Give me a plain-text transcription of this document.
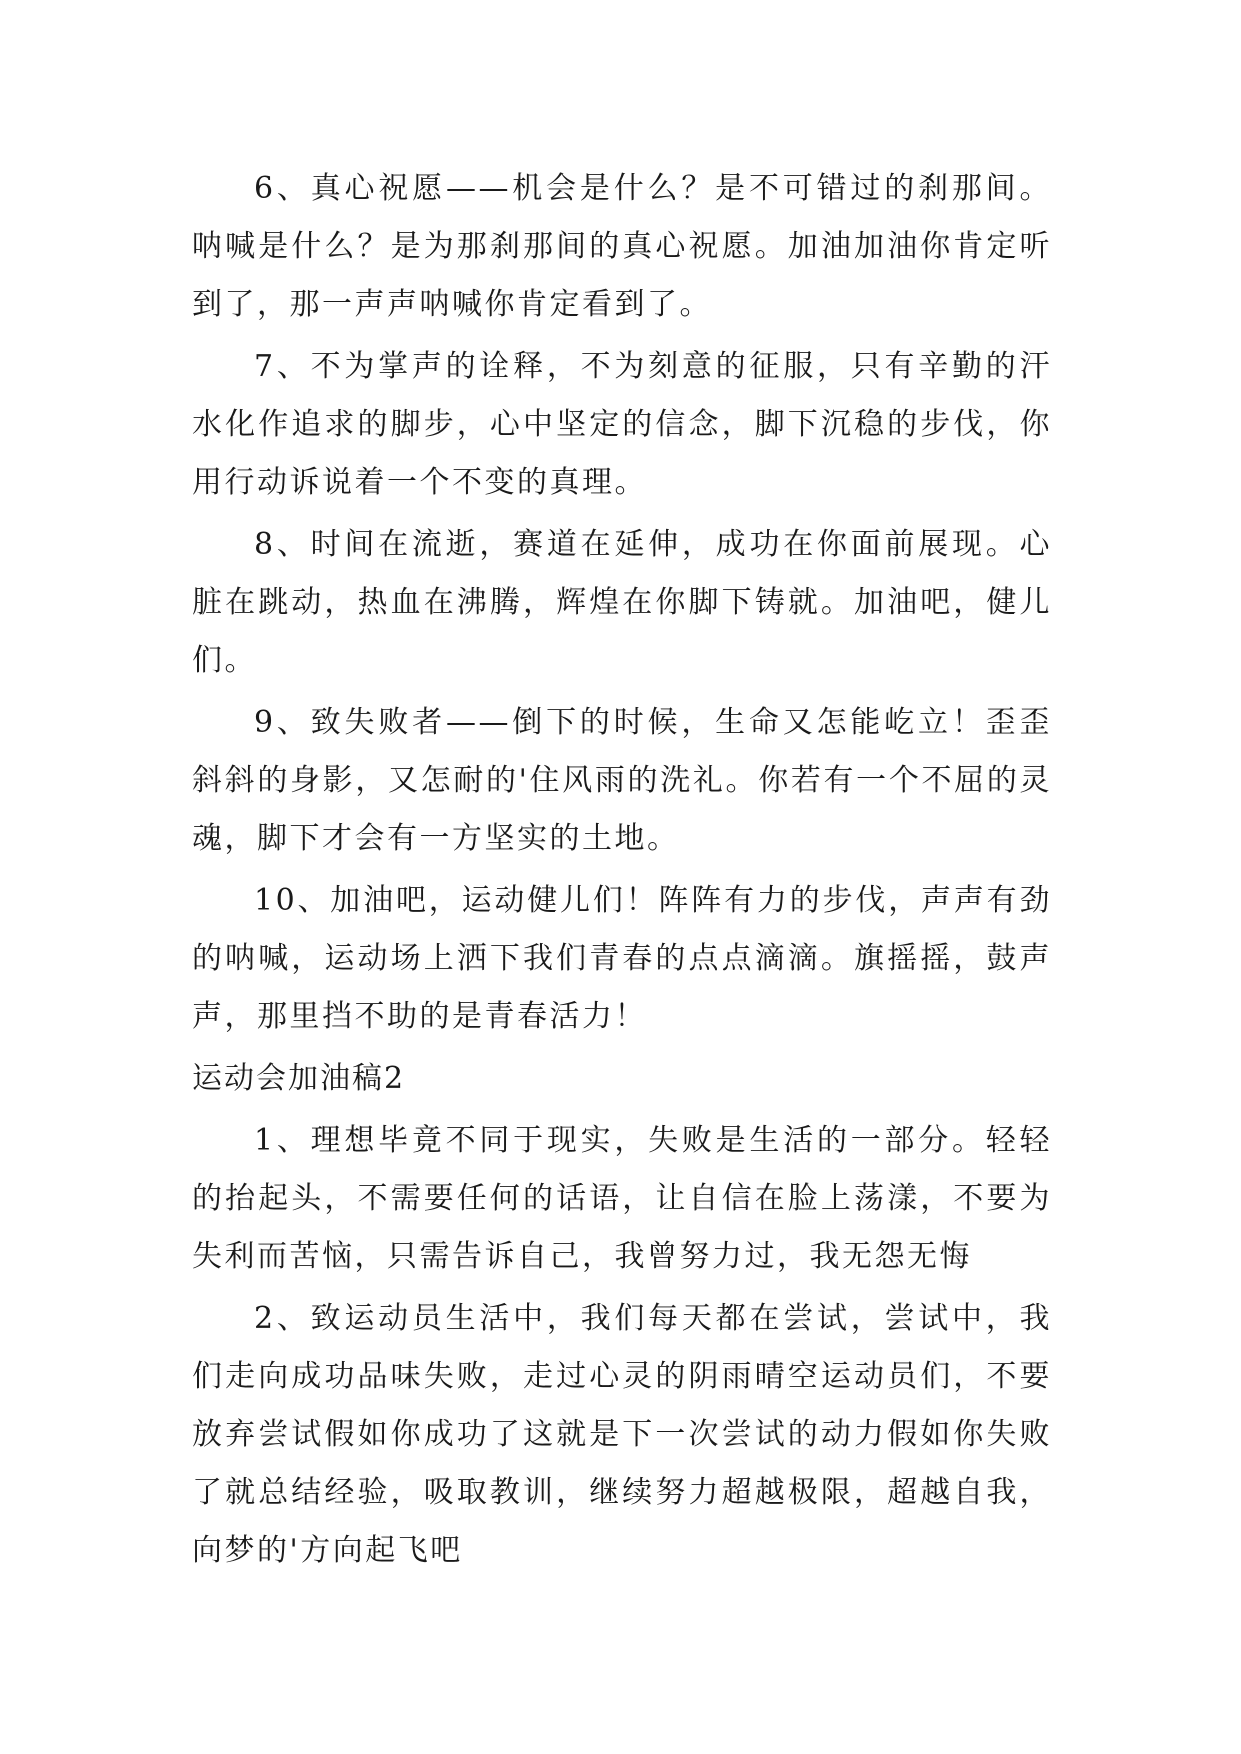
6、真心祝愿——机会是什么？是不可错过的刹那间。呐喊是什么？是为那刹那间的真心祝愿。加油加油你肯定听到了，那一声声呐喊你肯定看到了。

7、不为掌声的诠释，不为刻意的征服，只有辛勤的汗水化作追求的脚步，心中坚定的信念，脚下沉稳的步伐，你用行动诉说着一个不变的真理。

8、时间在流逝，赛道在延伸，成功在你面前展现。心脏在跳动，热血在沸腾，辉煌在你脚下铸就。加油吧，健儿们。

9、致失败者——倒下的时候，生命又怎能屹立！歪歪斜斜的身影，又怎耐的'住风雨的洗礼。你若有一个不屈的灵魂，脚下才会有一方坚实的土地。

10、加油吧，运动健儿们！阵阵有力的步伐，声声有劲的呐喊，运动场上洒下我们青春的点点滴滴。旗摇摇，鼓声声，那里挡不助的是青春活力！

运动会加油稿2

1、理想毕竟不同于现实，失败是生活的一部分。轻轻的抬起头，不需要任何的话语，让自信在脸上荡漾，不要为失利而苦恼，只需告诉自己，我曾努力过，我无怨无悔

2、致运动员生活中，我们每天都在尝试，尝试中，我们走向成功品味失败，走过心灵的阴雨晴空运动员们，不要放弃尝试假如你成功了这就是下一次尝试的动力假如你失败了就总结经验，吸取教训，继续努力超越极限，超越自我，向梦的'方向起飞吧
